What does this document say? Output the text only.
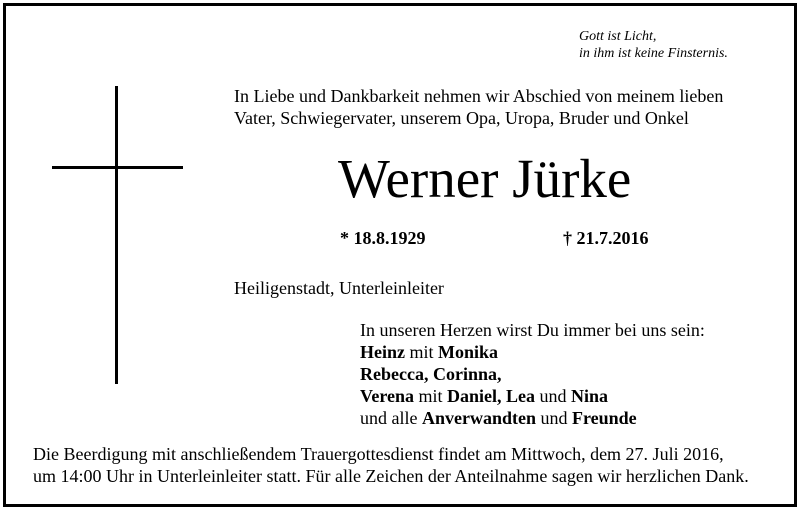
Gott ist Licht,
in ihm ist keine Finsternis.
In Liebe und Dankbarkeit nehmen wir Abschied von meinem lieben
Vater, Schwiegervater, unserem Opa, Uropa, Bruder und Onkel
Werner Jürke
* 18.8.1929	† 21.7.2016
Heiligenstadt, Unterleinleiter
In unseren Herzen wirst Du immer bei uns sein:
Heinz mit Monika
Rebecca, Corinna,
Verena mit Daniel, Lea und Nina
und alle Anverwandten und Freunde
Die Beerdigung mit anschließendem Trauergottesdienst findet am Mittwoch, dem 27. Juli 2016,
um 14:00 Uhr in Unterleinleiter statt. Für alle Zeichen der Anteilnahme sagen wir herzlichen Dank.
